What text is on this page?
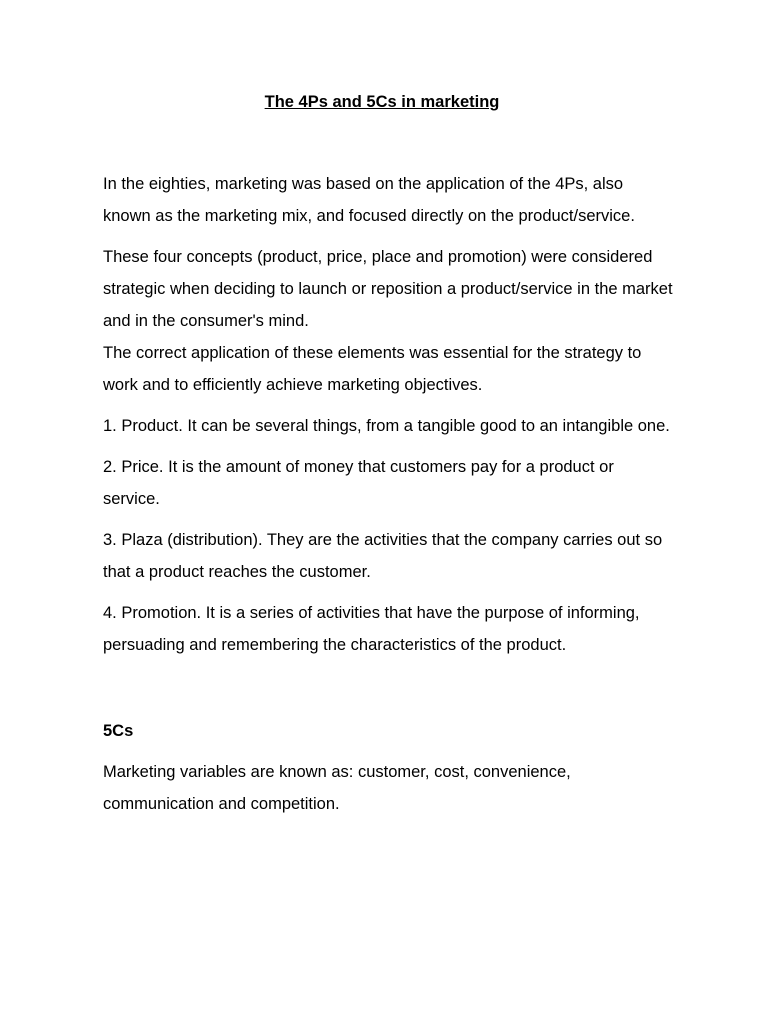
The 4Ps and 5Cs in marketing

In the eighties, marketing was based on the application of the 4Ps, also known as the marketing mix, and focused directly on the product/service.

These four concepts (product, price, place and promotion) were considered strategic when deciding to launch or reposition a product/service in the market and in the consumer's mind.

The correct application of these elements was essential for the strategy to work and to efficiently achieve marketing objectives.

1. Product. It can be several things, from a tangible good to an intangible one.

2. Price. It is the amount of money that customers pay for a product or service.

3. Plaza (distribution). They are the activities that the company carries out so that a product reaches the customer.

4. Promotion. It is a series of activities that have the purpose of informing, persuading and remembering the characteristics of the product.

5Cs

Marketing variables are known as: customer, cost, convenience, communication and competition.
